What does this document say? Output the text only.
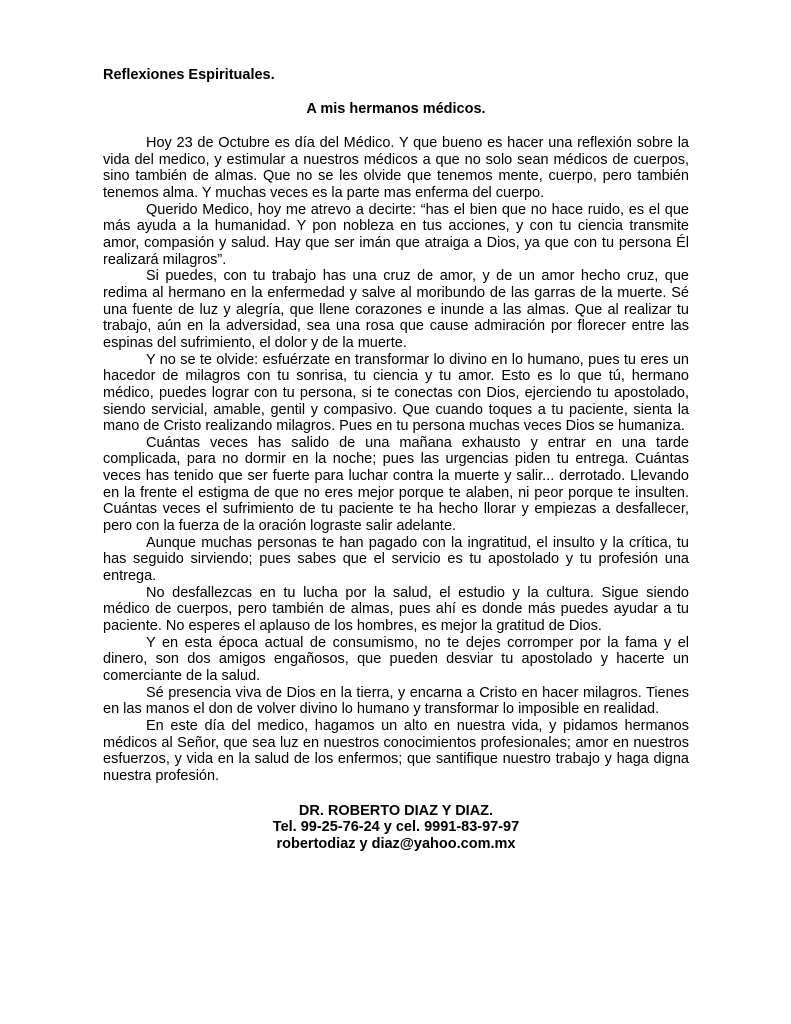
Reflexiones Espirituales.

A mis hermanos médicos.

Hoy 23 de Octubre es día del Médico. Y que bueno es hacer una reflexión sobre la vida del medico, y estimular a nuestros médicos a que no solo sean médicos de cuerpos, sino también de almas. Que no se les olvide que tenemos mente, cuerpo, pero también tenemos alma. Y muchas veces es la parte mas enferma del cuerpo.

Querido Medico, hoy me atrevo a decirte: “has el bien que no hace ruido, es el que más ayuda a la humanidad. Y pon nobleza en tus acciones, y con tu ciencia transmite amor, compasión y salud. Hay que ser imán que atraiga a Dios, ya que con tu persona Él realizará milagros”.

Si puedes, con tu trabajo has una cruz de amor, y de un amor hecho cruz, que redima al hermano en la enfermedad y salve al moribundo de las garras de la muerte. Sé una fuente de luz y alegría, que llene corazones e inunde a las almas. Que al realizar tu trabajo, aún en la adversidad, sea una rosa que cause admiración por florecer entre las espinas del sufrimiento, el dolor y de la muerte.

Y no se te olvide: esfuérzate en transformar lo divino en lo humano, pues tu eres un hacedor de milagros con tu sonrisa, tu ciencia y tu amor. Esto es lo que tú, hermano médico, puedes lograr con tu persona, si te conectas con Dios, ejerciendo tu apostolado, siendo servicial, amable, gentil y compasivo. Que cuando toques a tu paciente, sienta la mano de Cristo realizando milagros. Pues en tu persona muchas veces Dios se humaniza.

Cuántas veces has salido de una mañana exhausto y entrar en una tarde complicada, para no dormir en la noche; pues las urgencias piden tu entrega. Cuántas veces has tenido que ser fuerte para luchar contra la muerte y salir... derrotado. Llevando en la frente el estigma de que no eres mejor porque te alaben, ni peor porque te insulten. Cuántas veces el sufrimiento de tu paciente te ha hecho llorar y empiezas a desfallecer, pero con la fuerza de la oración lograste salir adelante.

Aunque muchas personas te han pagado con la ingratitud, el insulto y la crítica, tu has seguido sirviendo; pues sabes que el servicio es tu apostolado y tu profesión una entrega.

No desfallezcas en tu lucha por la salud, el estudio y la cultura. Sigue siendo médico de cuerpos, pero también de almas, pues ahí es donde más puedes ayudar a tu paciente. No esperes el aplauso de los hombres, es mejor la gratitud de Dios.

Y en esta época actual de consumismo, no te dejes corromper por la fama y el dinero, son dos amigos engañosos, que pueden desviar tu apostolado y hacerte un comerciante de la salud.

Sé presencia viva de Dios en la tierra, y encarna a Cristo en hacer milagros. Tienes en las manos el don de volver divino lo humano y transformar lo imposible en realidad.

En este día del medico, hagamos un alto en nuestra vida, y pidamos hermanos médicos al Señor, que sea luz en nuestros conocimientos profesionales; amor en nuestros esfuerzos, y vida en la salud de los enfermos; que santifique nuestro trabajo y haga digna nuestra profesión.

DR. ROBERTO DIAZ Y DIAZ.
Tel. 99-25-76-24 y cel. 9991-83-97-97
robertodiaz y diaz@yahoo.com.mx
